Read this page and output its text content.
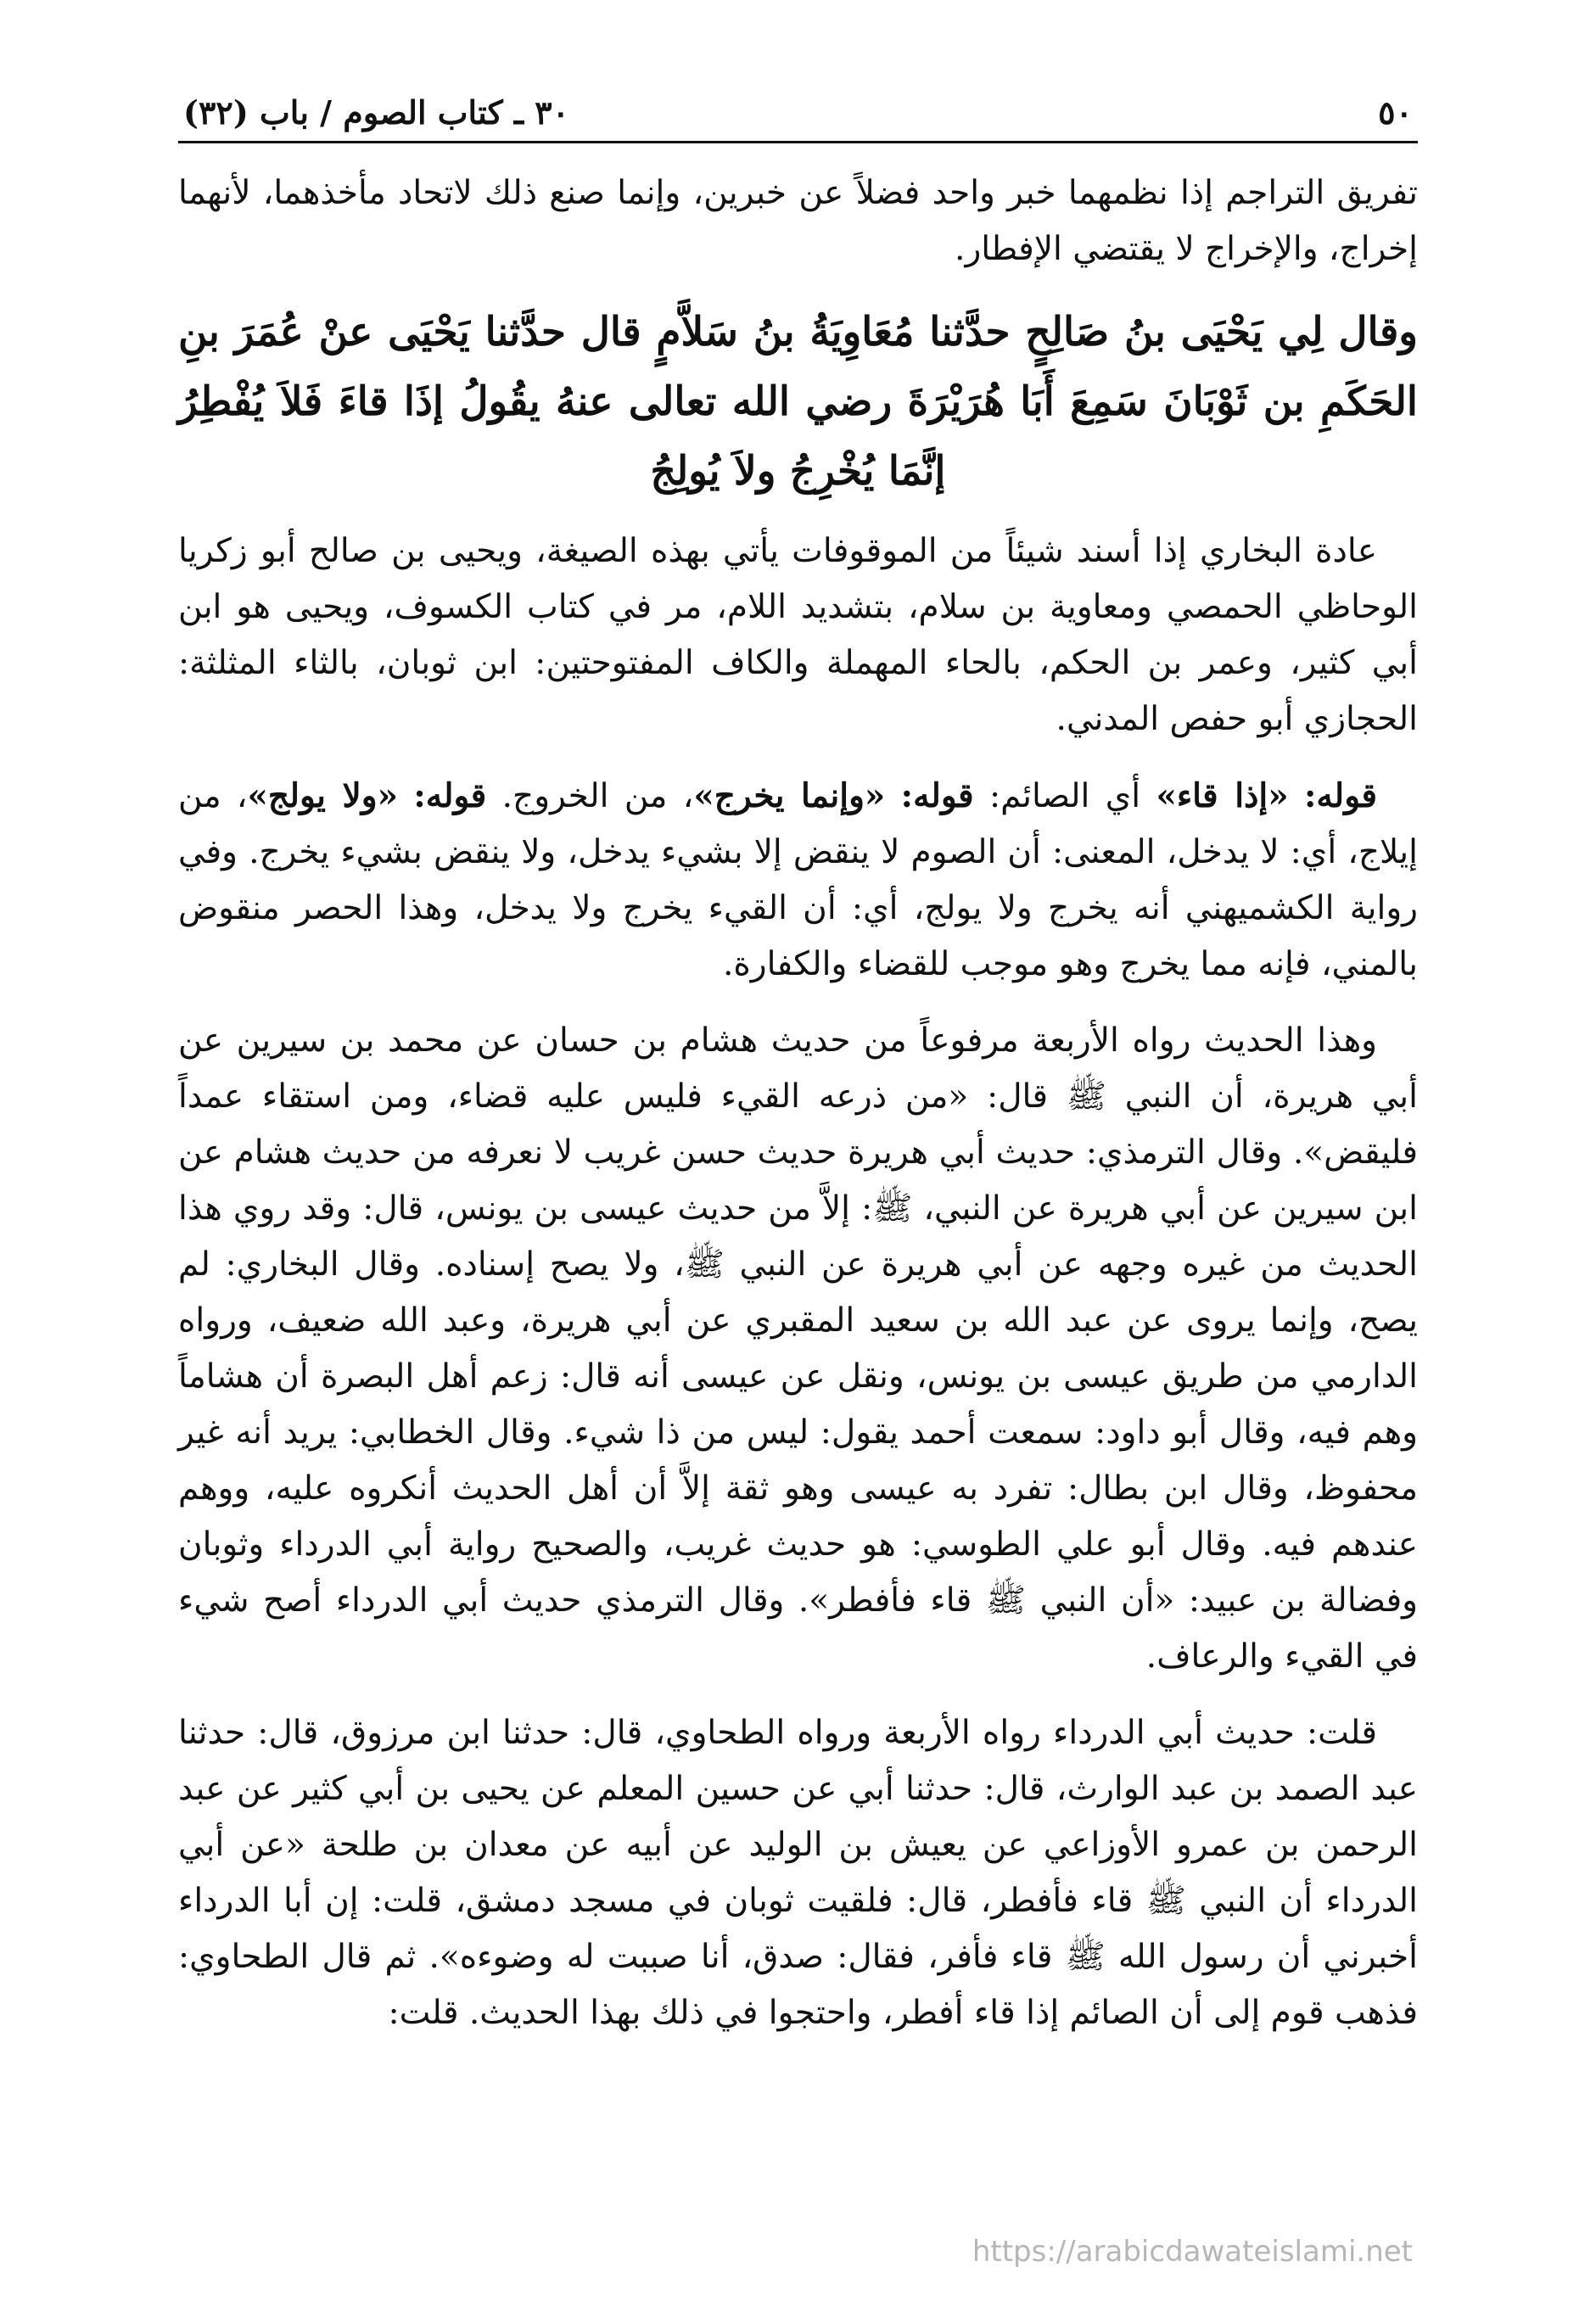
٥٠
٣٠ ـ كتاب الصوم / باب (٣٢)

تفريق التراجم إذا نظمهما خبر واحد فضلاً عن خبرين، وإنما صنع ذلك لاتحاد مأخذهما، لأنهما إخراج، والإخراج لا يقتضي الإفطار.

وقال لِي يَحْيَى بنُ صَالِحٍ حدَّثنا مُعَاوِيَةُ بنُ سَلاَّمٍ قال حدَّثنا يَحْيَى عنْ عُمَرَ بنِ الحَكَمِ بن ثَوْبَانَ سَمِعَ أَبَا هُرَيْرَةَ رضي الله تعالى عنهُ يقُولُ إذَا قاءَ فَلاَ يُفْطِرُ إنَّمَا يُخْرِجُ ولاَ يُولِجُ

عادة البخاري إذا أسند شيئاً من الموقوفات يأتي بهذه الصيغة، ويحيى بن صالح أبو زكريا الوحاظي الحمصي ومعاوية بن سلام، بتشديد اللام، مر في كتاب الكسوف، ويحيى هو ابن أبي كثير، وعمر بن الحكم، بالحاء المهملة والكاف المفتوحتين: ابن ثوبان، بالثاء المثلثة: الحجازي أبو حفص المدني.

قوله: «إذا قاء» أي الصائم: قوله: «وإنما يخرج»، من الخروج. قوله: «ولا يولج»، من إيلاج، أي: لا يدخل، المعنى: أن الصوم لا ينقض إلا بشيء يدخل، ولا ينقض بشيء يخرج. وفي رواية الكشميهني أنه يخرج ولا يولج، أي: أن القيء يخرج ولا يدخل، وهذا الحصر منقوض بالمني، فإنه مما يخرج وهو موجب للقضاء والكفارة.

وهذا الحديث رواه الأربعة مرفوعاً من حديث هشام بن حسان عن محمد بن سيرين عن أبي هريرة، أن النبي ﷺ قال: «من ذرعه القيء فليس عليه قضاء، ومن استقاء عمداً فليقض». وقال الترمذي: حديث أبي هريرة حديث حسن غريب لا نعرفه من حديث هشام عن ابن سيرين عن أبي هريرة عن النبي، ﷺ: إلاَّ من حديث عيسى بن يونس، قال: وقد روي هذا الحديث من غيره وجهه عن أبي هريرة عن النبي ﷺ، ولا يصح إسناده. وقال البخاري: لم يصح، وإنما يروى عن عبد الله بن سعيد المقبري عن أبي هريرة، وعبد الله ضعيف، ورواه الدارمي من طريق عيسى بن يونس، ونقل عن عيسى أنه قال: زعم أهل البصرة أن هشاماً وهم فيه، وقال أبو داود: سمعت أحمد يقول: ليس من ذا شيء. وقال الخطابي: يريد أنه غير محفوظ، وقال ابن بطال: تفرد به عيسى وهو ثقة إلاَّ أن أهل الحديث أنكروه عليه، ووهم عندهم فيه. وقال أبو علي الطوسي: هو حديث غريب، والصحيح رواية أبي الدرداء وثوبان وفضالة بن عبيد: «أن النبي ﷺ قاء فأفطر». وقال الترمذي حديث أبي الدرداء أصح شيء في القيء والرعاف.

قلت: حديث أبي الدرداء رواه الأربعة ورواه الطحاوي، قال: حدثنا ابن مرزوق، قال: حدثنا عبد الصمد بن عبد الوارث، قال: حدثنا أبي عن حسين المعلم عن يحيى بن أبي كثير عن عبد الرحمن بن عمرو الأوزاعي عن يعيش بن الوليد عن أبيه عن معدان بن طلحة «عن أبي الدرداء أن النبي ﷺ قاء فأفطر، قال: فلقيت ثوبان في مسجد دمشق، قلت: إن أبا الدرداء أخبرني أن رسول الله ﷺ قاء فأفر، فقال: صدق، أنا صببت له وضوءه». ثم قال الطحاوي: فذهب قوم إلى أن الصائم إذا قاء أفطر، واحتجوا في ذلك بهذا الحديث. قلت:

https://arabicdawateislami.net
